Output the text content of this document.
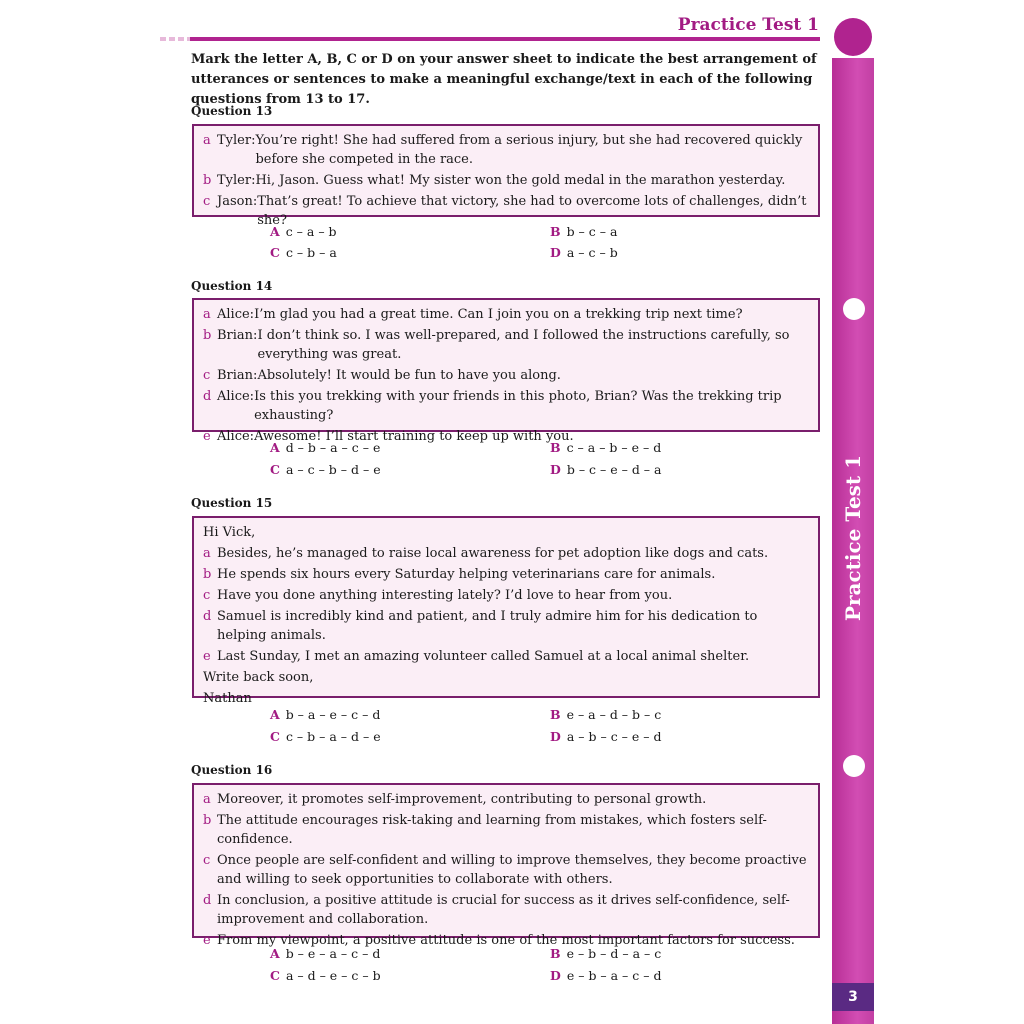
Practice Test 1
Practice Test 1
3
Mark the letter A, B, C or D on your answer sheet to indicate the best arrangement of utterances or sentences to make a meaningful exchange/text in each of the following questions from 13 to 17.
Question 13
a Tyler: You’re right! She had suffered from a serious injury, but she had recovered quickly before she competed in the race.
b Tyler: Hi, Jason. Guess what! My sister won the gold medal in the marathon yesterday.
c Jason: That’s great! To achieve that victory, she had to overcome lots of challenges, didn’t she?
A c – a – b	B b – c – a
C c – b – a	D a – c – b
Question 14
a Alice: I’m glad you had a great time. Can I join you on a trekking trip next time?
b Brian: I don’t think so. I was well-prepared, and I followed the instructions carefully, so everything was great.
c Brian: Absolutely! It would be fun to have you along.
d Alice: Is this you trekking with your friends in this photo, Brian? Was the trekking trip exhausting?
e Alice: Awesome! I’ll start training to keep up with you.
A d – b – a – c – e	B c – a – b – e – d
C a – c – b – d – e	D b – c – e – d – a
Question 15
Hi Vick,
a Besides, he’s managed to raise local awareness for pet adoption like dogs and cats.
b He spends six hours every Saturday helping veterinarians care for animals.
c Have you done anything interesting lately? I’d love to hear from you.
d Samuel is incredibly kind and patient, and I truly admire him for his dedication to helping animals.
e Last Sunday, I met an amazing volunteer called Samuel at a local animal shelter.
Write back soon,
Nathan
A b – a – e – c – d	B e – a – d – b – c
C c – b – a – d – e	D a – b – c – e – d
Question 16
a Moreover, it promotes self-improvement, contributing to personal growth.
b The attitude encourages risk-taking and learning from mistakes, which fosters self-confidence.
c Once people are self-confident and willing to improve themselves, they become proactive and willing to seek opportunities to collaborate with others.
d In conclusion, a positive attitude is crucial for success as it drives self-confidence, self-improvement and collaboration.
e From my viewpoint, a positive attitude is one of the most important factors for success.
A b – e – a – c – d	B e – b – d – a – c
C a – d – e – c – b	D e – b – a – c – d
